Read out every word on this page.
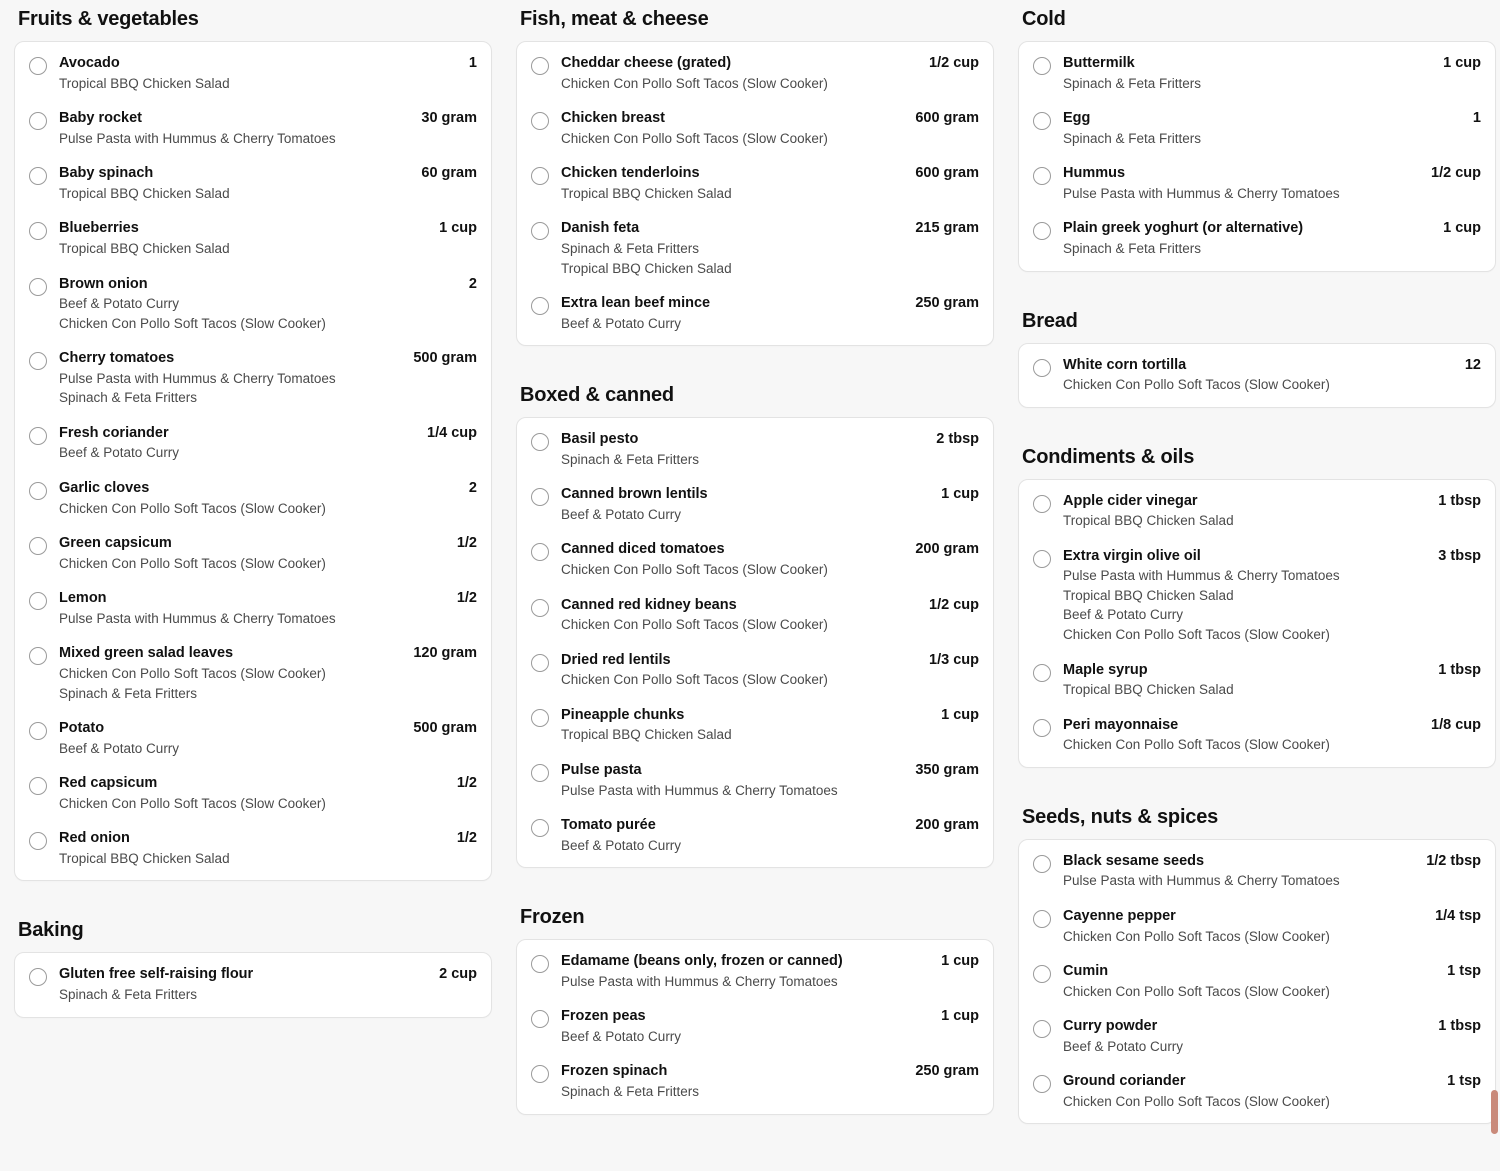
Fruits & vegetables
Avocado	1
Tropical BBQ Chicken Salad
Baby rocket	30 gram
Pulse Pasta with Hummus & Cherry Tomatoes
Baby spinach	60 gram
Tropical BBQ Chicken Salad
Blueberries	1 cup
Tropical BBQ Chicken Salad
Brown onion	2
Beef & Potato Curry
Chicken Con Pollo Soft Tacos (Slow Cooker)
Cherry tomatoes	500 gram
Pulse Pasta with Hummus & Cherry Tomatoes
Spinach & Feta Fritters
Fresh coriander	1/4 cup
Beef & Potato Curry
Garlic cloves	2
Chicken Con Pollo Soft Tacos (Slow Cooker)
Green capsicum	1/2
Chicken Con Pollo Soft Tacos (Slow Cooker)
Lemon	1/2
Pulse Pasta with Hummus & Cherry Tomatoes
Mixed green salad leaves	120 gram
Chicken Con Pollo Soft Tacos (Slow Cooker)
Spinach & Feta Fritters
Potato	500 gram
Beef & Potato Curry
Red capsicum	1/2
Chicken Con Pollo Soft Tacos (Slow Cooker)
Red onion	1/2
Tropical BBQ Chicken Salad
Baking
Gluten free self-raising flour	2 cup
Spinach & Feta Fritters
Fish, meat & cheese
Cheddar cheese (grated)	1/2 cup
Chicken Con Pollo Soft Tacos (Slow Cooker)
Chicken breast	600 gram
Chicken Con Pollo Soft Tacos (Slow Cooker)
Chicken tenderloins	600 gram
Tropical BBQ Chicken Salad
Danish feta	215 gram
Spinach & Feta Fritters
Tropical BBQ Chicken Salad
Extra lean beef mince	250 gram
Beef & Potato Curry
Boxed & canned
Basil pesto	2 tbsp
Spinach & Feta Fritters
Canned brown lentils	1 cup
Beef & Potato Curry
Canned diced tomatoes	200 gram
Chicken Con Pollo Soft Tacos (Slow Cooker)
Canned red kidney beans	1/2 cup
Chicken Con Pollo Soft Tacos (Slow Cooker)
Dried red lentils	1/3 cup
Chicken Con Pollo Soft Tacos (Slow Cooker)
Pineapple chunks	1 cup
Tropical BBQ Chicken Salad
Pulse pasta	350 gram
Pulse Pasta with Hummus & Cherry Tomatoes
Tomato purée	200 gram
Beef & Potato Curry
Frozen
Edamame (beans only, frozen or canned)	1 cup
Pulse Pasta with Hummus & Cherry Tomatoes
Frozen peas	1 cup
Beef & Potato Curry
Frozen spinach	250 gram
Spinach & Feta Fritters
Cold
Buttermilk	1 cup
Spinach & Feta Fritters
Egg	1
Spinach & Feta Fritters
Hummus	1/2 cup
Pulse Pasta with Hummus & Cherry Tomatoes
Plain greek yoghurt (or alternative)	1 cup
Spinach & Feta Fritters
Bread
White corn tortilla	12
Chicken Con Pollo Soft Tacos (Slow Cooker)
Condiments & oils
Apple cider vinegar	1 tbsp
Tropical BBQ Chicken Salad
Extra virgin olive oil	3 tbsp
Pulse Pasta with Hummus & Cherry Tomatoes
Tropical BBQ Chicken Salad
Beef & Potato Curry
Chicken Con Pollo Soft Tacos (Slow Cooker)
Maple syrup	1 tbsp
Tropical BBQ Chicken Salad
Peri mayonnaise	1/8 cup
Chicken Con Pollo Soft Tacos (Slow Cooker)
Seeds, nuts & spices
Black sesame seeds	1/2 tbsp
Pulse Pasta with Hummus & Cherry Tomatoes
Cayenne pepper	1/4 tsp
Chicken Con Pollo Soft Tacos (Slow Cooker)
Cumin	1 tsp
Chicken Con Pollo Soft Tacos (Slow Cooker)
Curry powder	1 tbsp
Beef & Potato Curry
Ground coriander	1 tsp
Chicken Con Pollo Soft Tacos (Slow Cooker)
